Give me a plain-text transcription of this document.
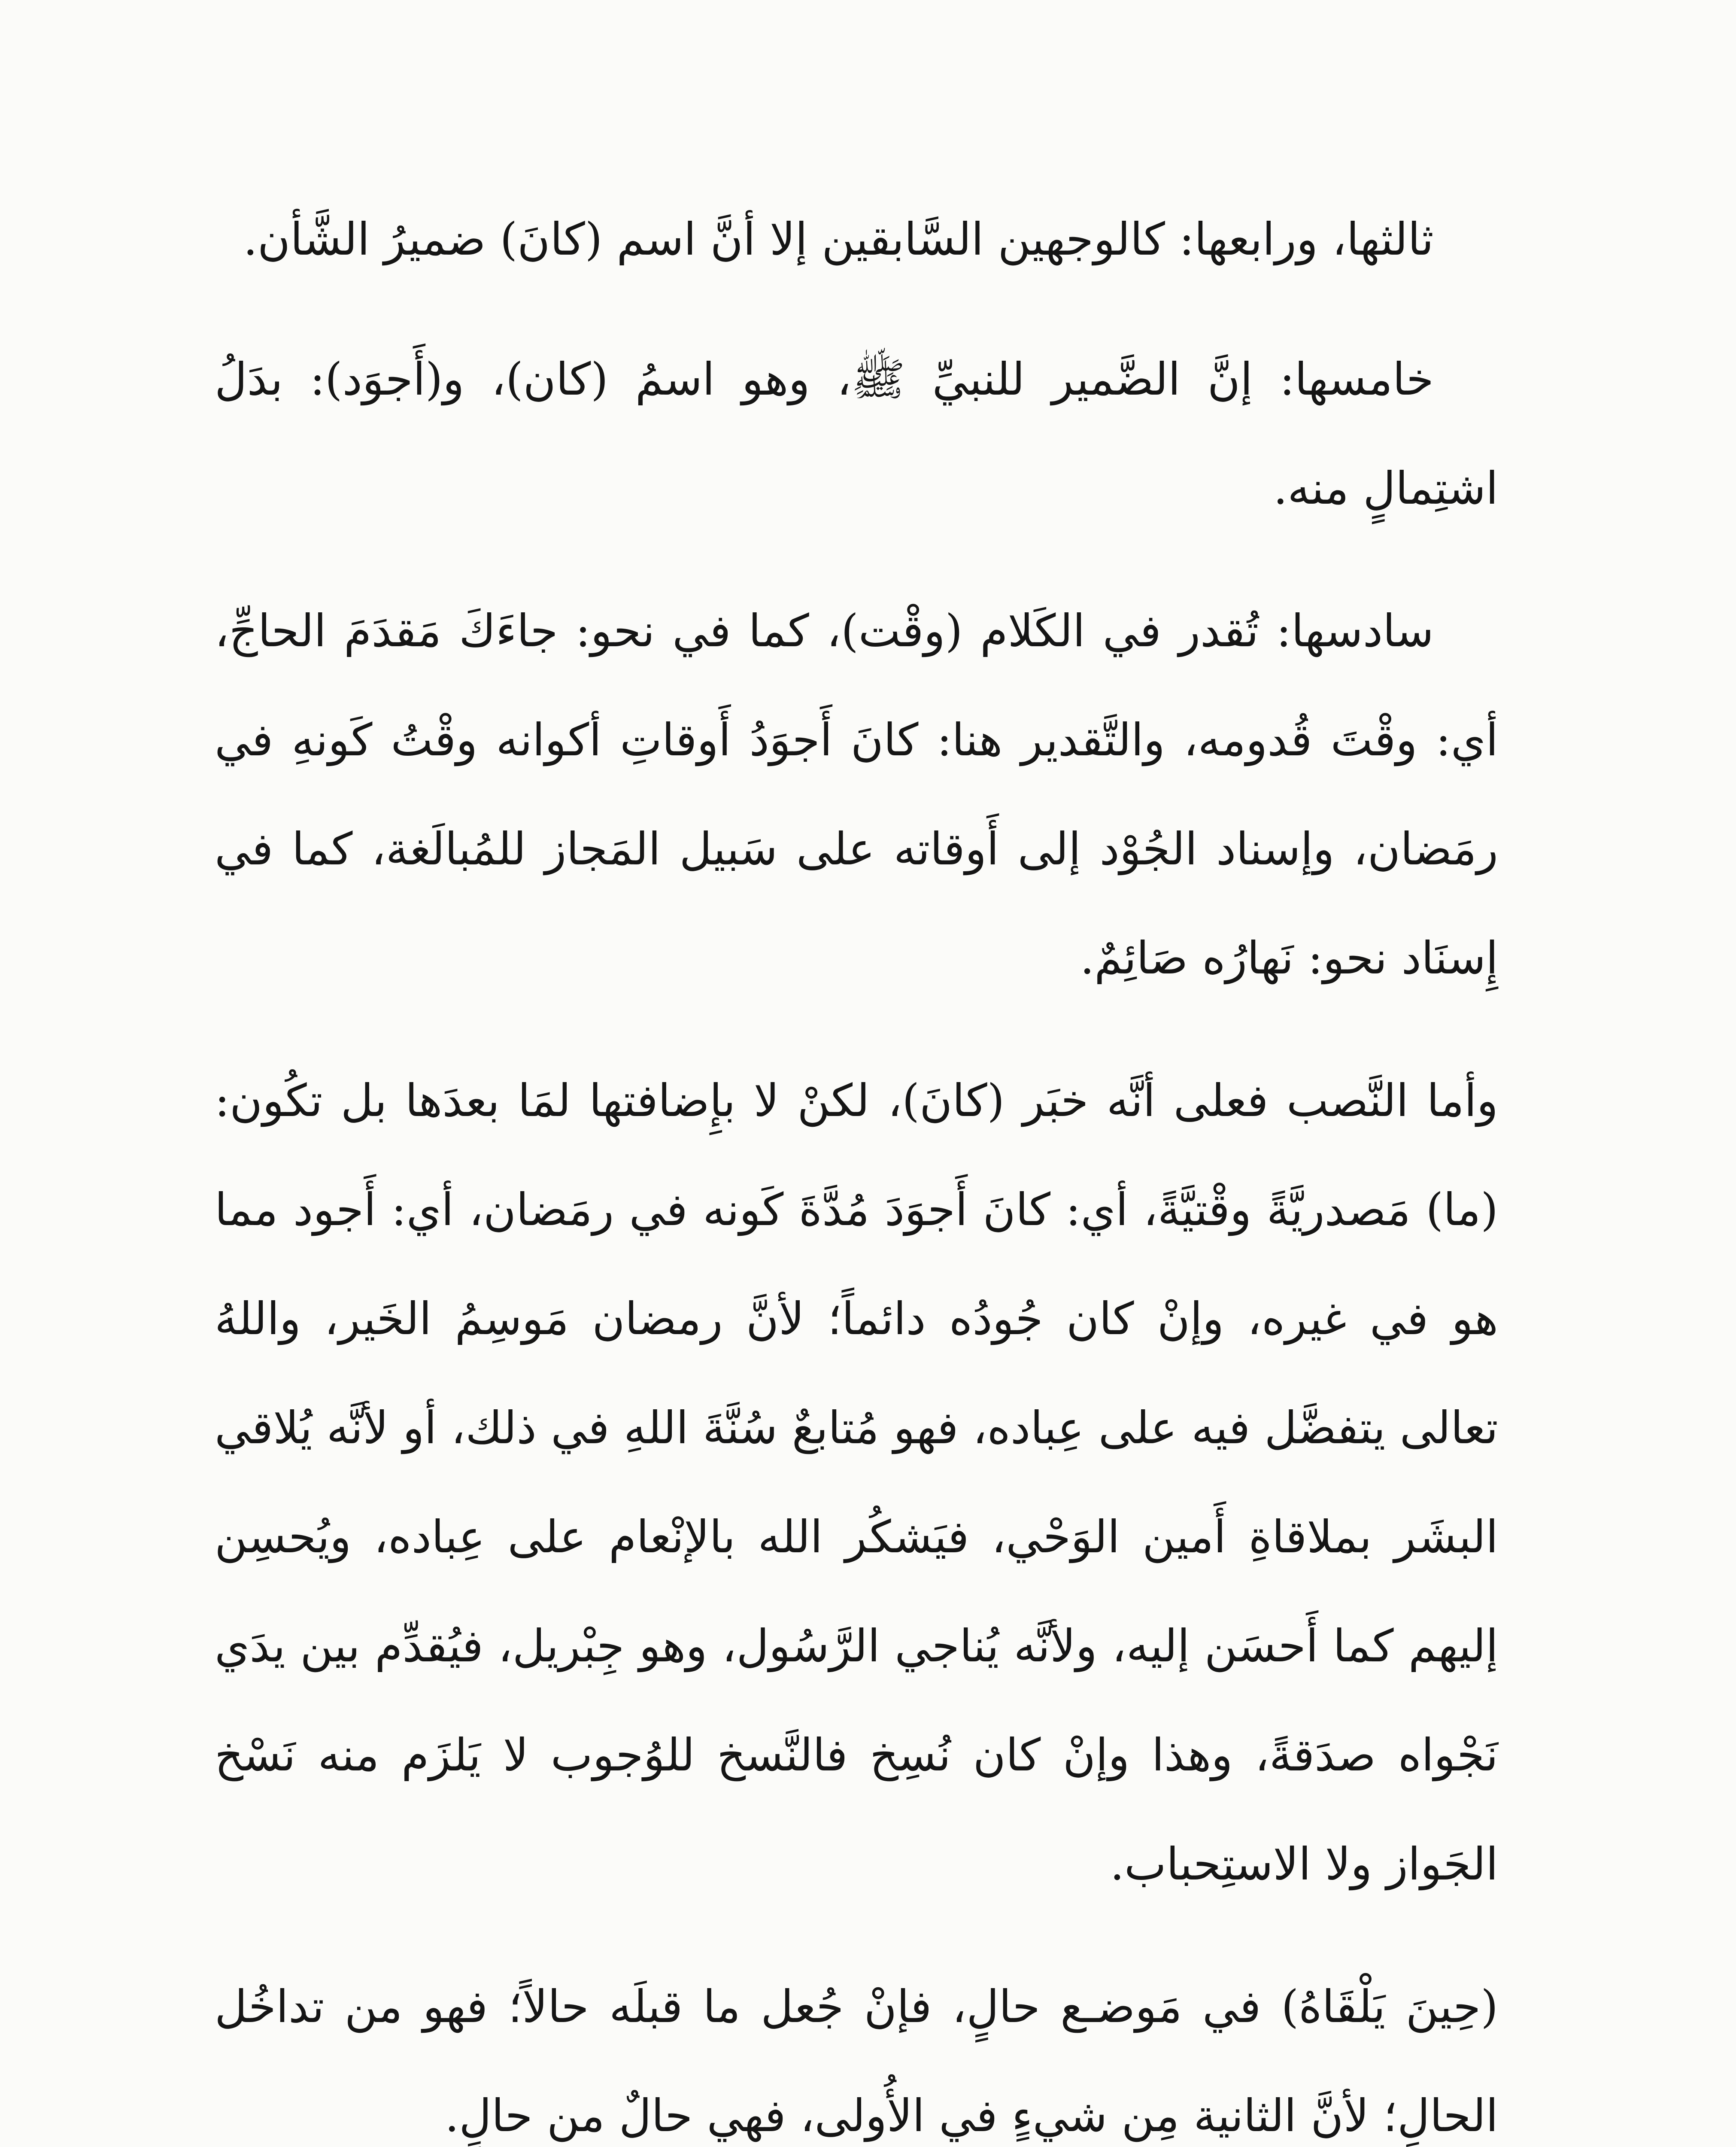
ثالثها، ورابعها: كالوجهين السَّابقين إلا أنَّ اسم (كانَ) ضميرُ الشَّأن.

خامسها: إنَّ الضَّمير للنبيِّ ﷺ، وهو اسمُ (كان)، و(أَجوَد): بدَلُ اشتِمالٍ منه.

سادسها: تُقدر في الكَلام (وقْت)، كما في نحو: جاءَكَ مَقدَمَ الحاجِّ، أي: وقْتَ قُدومه، والتَّقدير هنا: كانَ أَجوَدُ أَوقاتِ أكوانه وقْتُ كَونهِ في رمَضان، وإسناد الجُوْد إلى أَوقاته على سَبيل المَجاز للمُبالَغة، كما في إِسنَاد نحو: نَهارُه صَائِمٌ.

وأما النَّصب فعلى أنَّه خبَر (كانَ)، لكنْ لا بإِضافتها لمَا بعدَها بل تكُون: (ما) مَصدريَّةً وقْتيَّةً، أي: كانَ أَجوَدَ مُدَّةَ كَونه في رمَضان، أي: أَجود مما هو في غيره، وإنْ كان جُودُه دائماً؛ لأنَّ رمضان مَوسِمُ الخَير، واللهُ تعالى يتفضَّل فيه على عِباده، فهو مُتابعٌ سُنَّةَ اللهِ في ذلك، أو لأنَّه يُلاقي البشَر بملاقاةِ أَمين الوَحْي، فيَشكُر الله بالإنْعام على عِباده، ويُحسِن إليهم كما أَحسَن إليه، ولأنَّه يُناجي الرَّسُول، وهو جِبْريل، فيُقدِّم بين يدَي نَجْواه صدَقةً، وهذا وإنْ كان نُسِخ فالنَّسخ للوُجوب لا يَلزَم منه نَسْخ الجَواز ولا الاستِحباب.

(حِينَ يَلْقَاهُ) في مَوضـع حالٍ، فإنْ جُعل ما قبلَه حالاً؛ فهو من تداخُل الحالِ؛ لأنَّ الثانية مِن شيءٍ في الأُولى، فهي حالٌ من حالٍ.
